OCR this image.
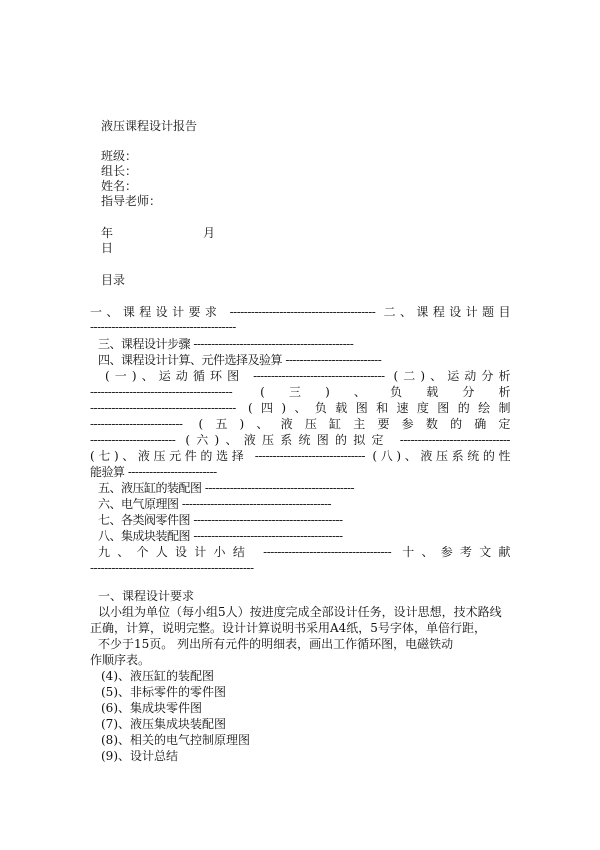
液压课程设计报告
班级：
组长：
姓名：
指导老师：
年	月
日
目录
一、课程设计要求 ----------------------------------------- 二、课程设计题目
-----------------------------------------
三、课程设计步骤 ---------------------------------------------
四、课程设计计算、元件选择及验算 ---------------------------
(一)、运动循环图 ------------------------------------- (二)、运动分析
---------------------------------------- (三)、负载分析
----------------------------------------- (四)、负载图和速度图的绘制
-------------------------- (五)、液压缸主要参数的确定
------------------------ (六)、液压系统图的拟定 -------------------------------
(七)、液压元件的选择 ------------------------------- (八)、液压系统的性
能验算 -------------------------
五、液压缸的装配图 ------------------------------------------
六、电气原理图 ------------------------------------------
七、各类阀零件图 ------------------------------------------
八、集成块装配图 ------------------------------------------
九、个人设计小结 ------------------------------------ 十、参考文献
----------------------------------------------
一、课程设计要求
以小组为单位（每小组5人）按进度完成全部设计任务，设计思想，技术路线
正确，计算，说明完整。设计计算说明书采用A4纸，5号字体，单倍行距，
不少于15页。 列出所有元件的明细表，画出工作循环图，电磁铁动
作顺序表。
(4)、液压缸的装配图
(5)、非标零件的零件图
(6)、集成块零件图
(7)、液压集成块装配图
(8)、相关的电气控制原理图
(9)、设计总结
